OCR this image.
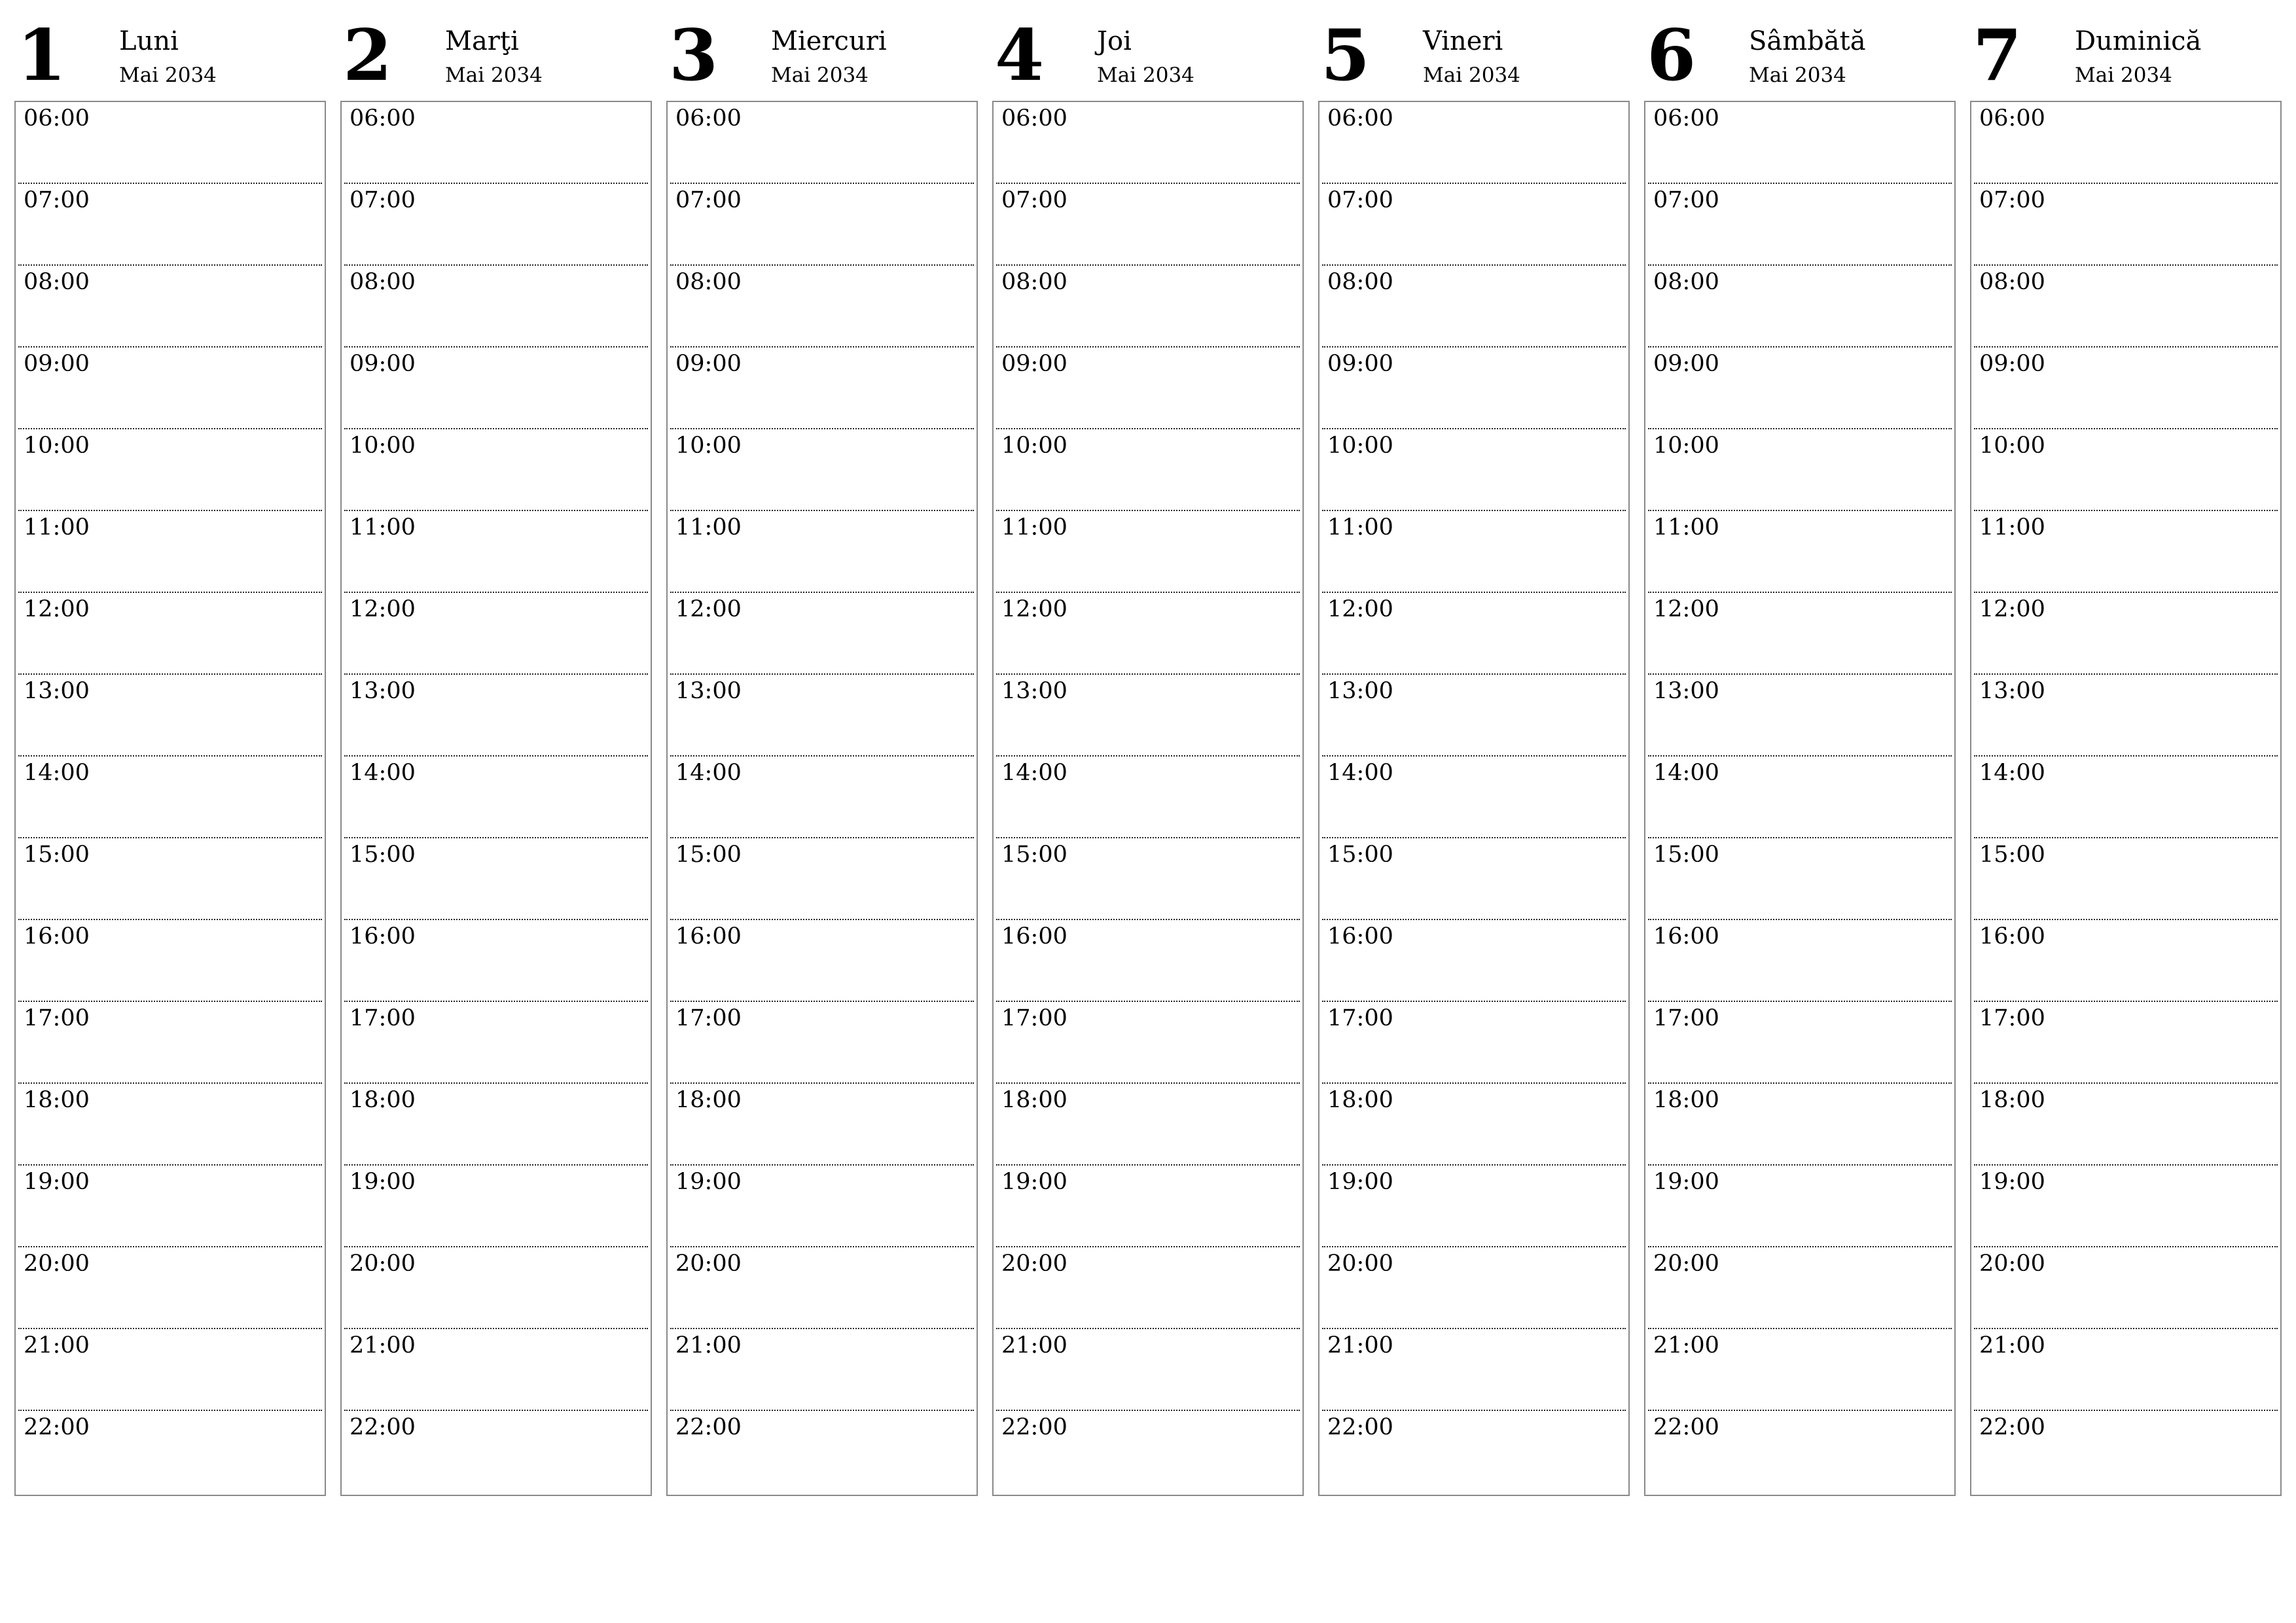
1 Luni
Mai 2034
06:00
07:00
08:00
09:00
10:00
11:00
12:00
13:00
14:00
15:00
16:00
17:00
18:00
19:00
20:00
21:00
22:00
2 Marţi
Mai 2034
06:00
07:00
08:00
09:00
10:00
11:00
12:00
13:00
14:00
15:00
16:00
17:00
18:00
19:00
20:00
21:00
22:00
3 Miercuri
Mai 2034
06:00
07:00
08:00
09:00
10:00
11:00
12:00
13:00
14:00
15:00
16:00
17:00
18:00
19:00
20:00
21:00
22:00
4 Joi
Mai 2034
06:00
07:00
08:00
09:00
10:00
11:00
12:00
13:00
14:00
15:00
16:00
17:00
18:00
19:00
20:00
21:00
22:00
5 Vineri
Mai 2034
06:00
07:00
08:00
09:00
10:00
11:00
12:00
13:00
14:00
15:00
16:00
17:00
18:00
19:00
20:00
21:00
22:00
6 Sâmbătă
Mai 2034
06:00
07:00
08:00
09:00
10:00
11:00
12:00
13:00
14:00
15:00
16:00
17:00
18:00
19:00
20:00
21:00
22:00
7 Duminică
Mai 2034
06:00
07:00
08:00
09:00
10:00
11:00
12:00
13:00
14:00
15:00
16:00
17:00
18:00
19:00
20:00
21:00
22:00
